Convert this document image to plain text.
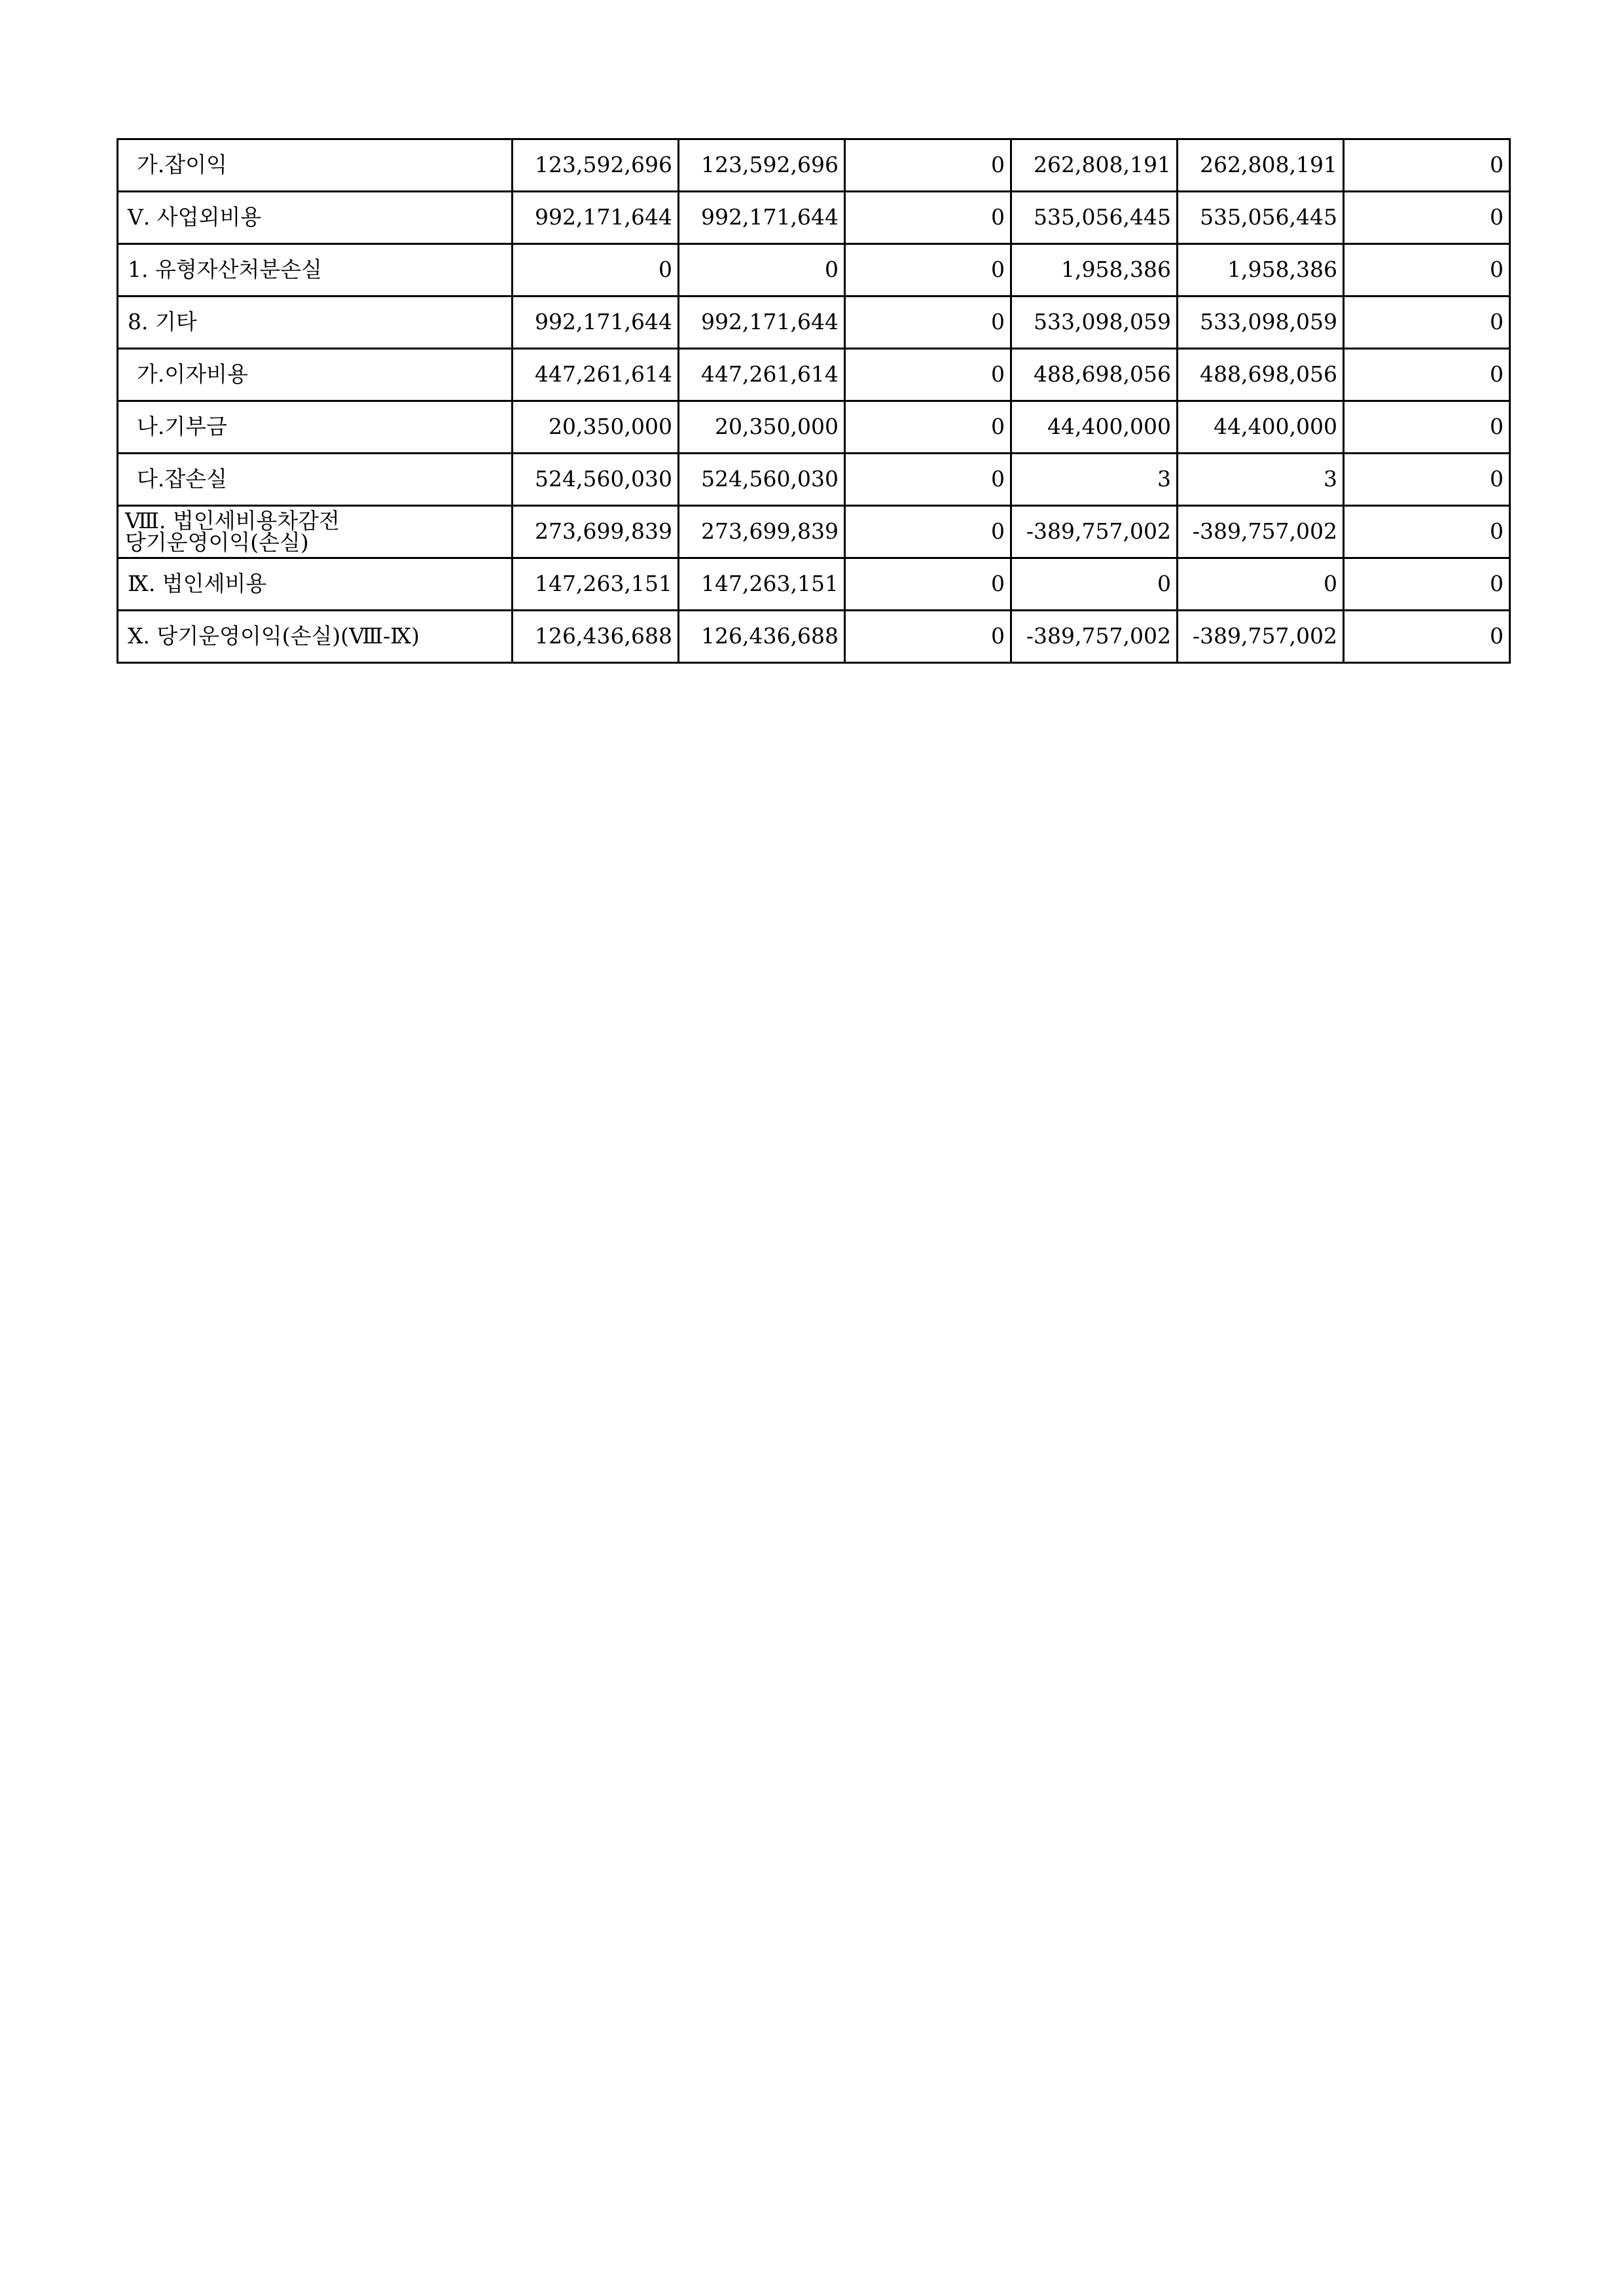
가.잡이익	123,592,696	123,592,696	0	262,808,191	262,808,191	0
Ⅴ. 사업외비용	992,171,644	992,171,644	0	535,056,445	535,056,445	0
1. 유형자산처분손실	0	0	0	1,958,386	1,958,386	0
8. 기타	992,171,644	992,171,644	0	533,098,059	533,098,059	0
가.이자비용	447,261,614	447,261,614	0	488,698,056	488,698,056	0
나.기부금	20,350,000	20,350,000	0	44,400,000	44,400,000	0
다.잡손실	524,560,030	524,560,030	0	3	3	0
Ⅷ. 법인세비용차감전
당기운영이익(손실)	273,699,839	273,699,839	0	-389,757,002	-389,757,002	0
Ⅸ. 법인세비용	147,263,151	147,263,151	0	0	0	0
Ⅹ. 당기운영이익(손실)(Ⅷ-Ⅸ)	126,436,688	126,436,688	0	-389,757,002	-389,757,002	0
